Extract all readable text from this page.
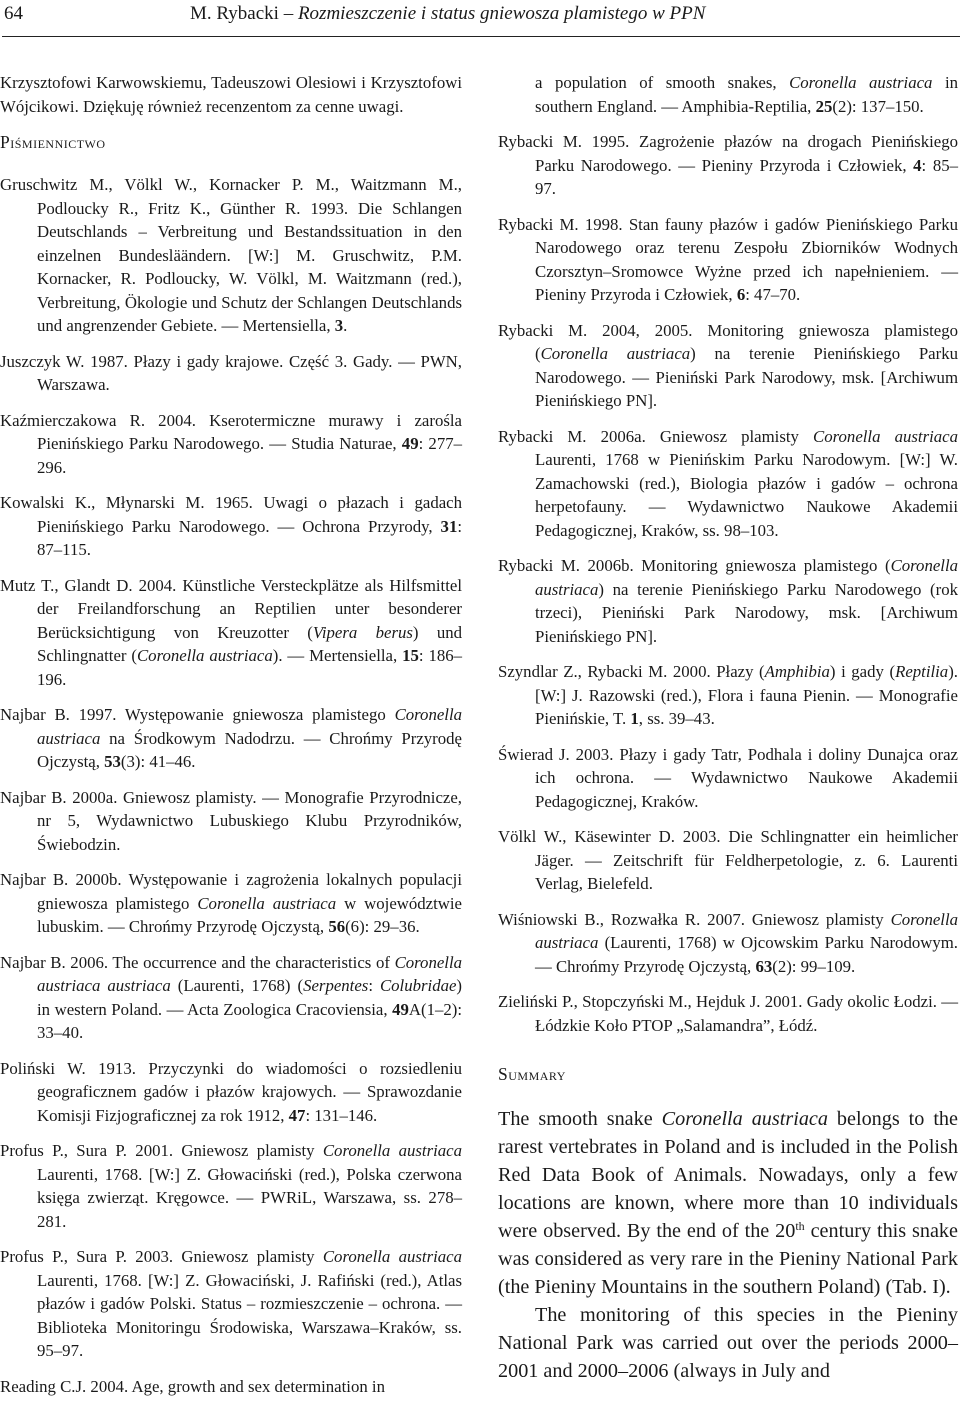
64	M. Rybacki – Rozmieszczenie i status gniewosza plamistego w PPN

Krzysztofowi Karwowskiemu, Tadeuszowi Olesiowi i Krzysztofowi Wójcikowi. Dziękuję również recenzentom za cenne uwagi.

Piśmiennictwo
Gruschwitz M., Völkl W., Kornacker P. M., Waitzmann M., Podloucky R., Fritz K., Günther R. 1993. Die Schlangen Deutschlands – Verbreitung und Bestandssituation in den einzelnen Bundesläändern. [W:] M. Gruschwitz, P.M. Kornacker, R. Podloucky, W. Völkl, M. Waitzmann (red.), Verbreitung, Ökologie und Schutz der Schlangen Deutschlands und angrenzender Gebiete. — Mertensiella, 3.
Juszczyk W. 1987. Płazy i gady krajowe. Część 3. Gady. — PWN, Warszawa.
Kaźmierczakowa R. 2004. Kserotermiczne murawy i zarośla Pienińskiego Parku Narodowego. — Studia Naturae, 49: 277–296.
Kowalski K., Młynarski M. 1965. Uwagi o płazach i gadach Pienińskiego Parku Narodowego. — Ochrona Przyrody, 31: 87–115.
Mutz T., Glandt D. 2004. Künstliche Versteckplätze als Hilfsmittel der Freilandforschung an Reptilien unter besonderer Berücksichtigung von Kreuzotter (Vipera berus) und Schlingnatter (Coronella austriaca). — Mertensiella, 15: 186–196.
Najbar B. 1997. Występowanie gniewosza plamistego Coronella austriaca na Środkowym Nadodrzu. — Chrońmy Przyrodę Ojczystą, 53(3): 41–46.
Najbar B. 2000a. Gniewosz plamisty. — Monografie Przyrodnicze, nr 5, Wydawnictwo Lubuskiego Klubu Przyrodników, Świebodzin.
Najbar B. 2000b. Występowanie i zagrożenia lokalnych populacji gniewosza plamistego Coronella austriaca w województwie lubuskim. — Chrońmy Przyrodę Ojczystą, 56(6): 29–36.
Najbar B. 2006. The occurrence and the characteristics of Coronella austriaca austriaca (Laurenti, 1768) (Serpentes: Colubridae) in western Poland. — Acta Zoologica Cracoviensia, 49A(1–2): 33–40.
Poliński W. 1913. Przyczynki do wiadomości o rozsiedleniu geograficznem gadów i płazów krajowych. — Sprawozdanie Komisji Fizjograficznej za rok 1912, 47: 131–146.
Profus P., Sura P. 2001. Gniewosz plamisty Coronella austriaca Laurenti, 1768. [W:] Z. Głowaciński (red.), Polska czerwona księga zwierząt. Kręgowce. — PWRiL, Warszawa, ss. 278–281.
Profus P., Sura P. 2003. Gniewosz plamisty Coronella austriaca Laurenti, 1768. [W:] Z. Głowaciński, J. Rafiński (red.), Atlas płazów i gadów Polski. Status – rozmieszczenie – ochrona. — Biblioteka Monitoringu Środowiska, Warszawa–Kraków, ss. 95–97.
Reading C.J. 2004. Age, growth and sex determination in
a population of smooth snakes, Coronella austriaca in southern England. — Amphibia-Reptilia, 25(2): 137–150.
Rybacki M. 1995. Zagrożenie płazów na drogach Pienińskiego Parku Narodowego. — Pieniny Przyroda i Człowiek, 4: 85–97.
Rybacki M. 1998. Stan fauny płazów i gadów Pienińskiego Parku Narodowego oraz terenu Zespołu Zbiorników Wodnych Czorsztyn–Sromowce Wyżne przed ich napełnieniem. — Pieniny Przyroda i Człowiek, 6: 47–70.
Rybacki M. 2004, 2005. Monitoring gniewosza plamistego (Coronella austriaca) na terenie Pienińskiego Parku Narodowego. — Pieniński Park Narodowy, msk. [Archiwum Pienińskiego PN].
Rybacki M. 2006a. Gniewosz plamisty Coronella austriaca Laurenti, 1768 w Pienińskim Parku Narodowym. [W:] W. Zamachowski (red.), Biologia płazów i gadów – ochrona herpetofauny. — Wydawnictwo Naukowe Akademii Pedagogicznej, Kraków, ss. 98–103.
Rybacki M. 2006b. Monitoring gniewosza plamistego (Coronella austriaca) na terenie Pienińskiego Parku Narodowego (rok trzeci), Pieniński Park Narodowy, msk. [Archiwum Pienińskiego PN].
Szyndlar Z., Rybacki M. 2000. Płazy (Amphibia) i gady (Reptilia). [W:] J. Razowski (red.), Flora i fauna Pienin. — Monografie Pienińskie, T. 1, ss. 39–43.
Świerad J. 2003. Płazy i gady Tatr, Podhala i doliny Dunajca oraz ich ochrona. — Wydawnictwo Naukowe Akademii Pedagogicznej, Kraków.
Völkl W., Käsewinter D. 2003. Die Schlingnatter ein heimlicher Jäger. — Zeitschrift für Feldherpetologie, z. 6. Laurenti Verlag, Bielefeld.
Wiśniowski B., Rozwałka R. 2007. Gniewosz plamisty Coronella austriaca (Laurenti, 1768) w Ojcowskim Parku Narodowym. — Chrońmy Przyrodę Ojczystą, 63(2): 99–109.
Zieliński P., Stopczyński M., Hejduk J. 2001. Gady okolic Łodzi. — Łódzkie Koło PTOP „Salamandra”, Łódź.
Summary

The smooth snake Coronella austriaca belongs to the rarest vertebrates in Poland and is included in the Polish Red Data Book of Animals. Nowadays, only a few locations are known, where more than 10 individuals were observed. By the end of the 20th century this snake was considered as very rare in the Pieniny National Park (the Pieniny Mountains in the southern Poland) (Tab. I).

The monitoring of this species in the Pieniny National Park was carried out over the periods 2000–2001 and 2000–2006 (always in July and
